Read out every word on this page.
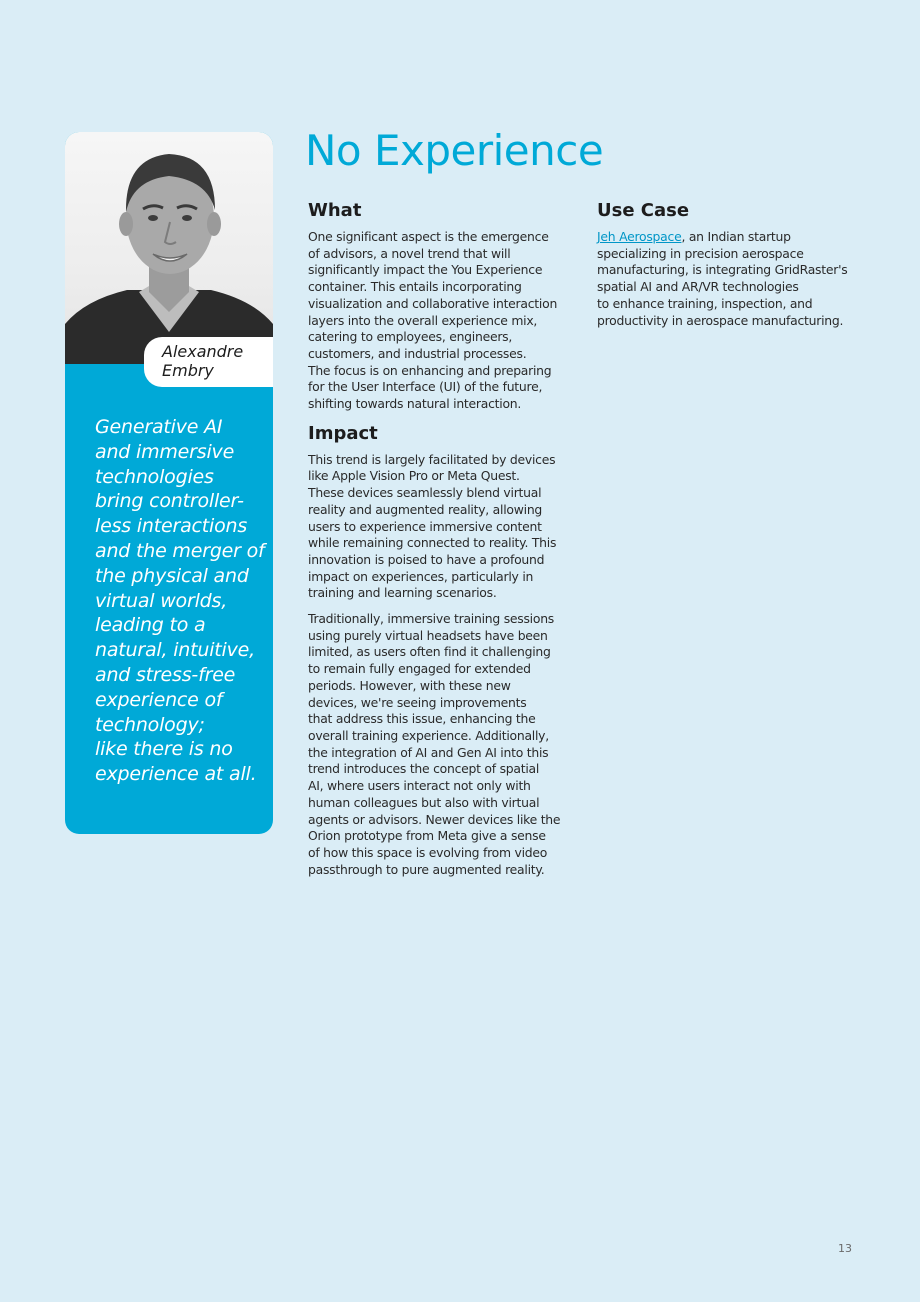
Alexandre
Embry
Generative AI
and immersive
technologies
bring controller-
less interactions
and the merger of
the physical and
virtual worlds,
leading to a
natural, intuitive,
and stress-free
experience of
technology;
like there is no
experience at all.
No Experience
What

One significant aspect is the emergence
of advisors, a novel trend that will
significantly impact the You Experience
container. This entails incorporating
visualization and collaborative interaction
layers into the overall experience mix,
catering to employees, engineers,
customers, and industrial processes.
The focus is on enhancing and preparing
for the User Interface (UI) of the future,
shifting towards natural interaction.

Impact

This trend is largely facilitated by devices
like Apple Vision Pro or Meta Quest.
These devices seamlessly blend virtual
reality and augmented reality, allowing
users to experience immersive content
while remaining connected to reality. This
innovation is poised to have a profound
impact on experiences, particularly in
training and learning scenarios.

Traditionally, immersive training sessions
using purely virtual headsets have been
limited, as users often find it challenging
to remain fully engaged for extended
periods. However, with these new
devices, we're seeing improvements
that address this issue, enhancing the
overall training experience. Additionally,
the integration of AI and Gen AI into this
trend introduces the concept of spatial
AI, where users interact not only with
human colleagues but also with virtual
agents or advisors. Newer devices like the
Orion prototype from Meta give a sense
of how this space is evolving from video
passthrough to pure augmented reality.

Use Case

Jeh Aerospace, an Indian startup
specializing in precision aerospace
manufacturing, is integrating GridRaster's
spatial AI and AR/VR technologies
to enhance training, inspection, and
productivity in aerospace manufacturing.

13
